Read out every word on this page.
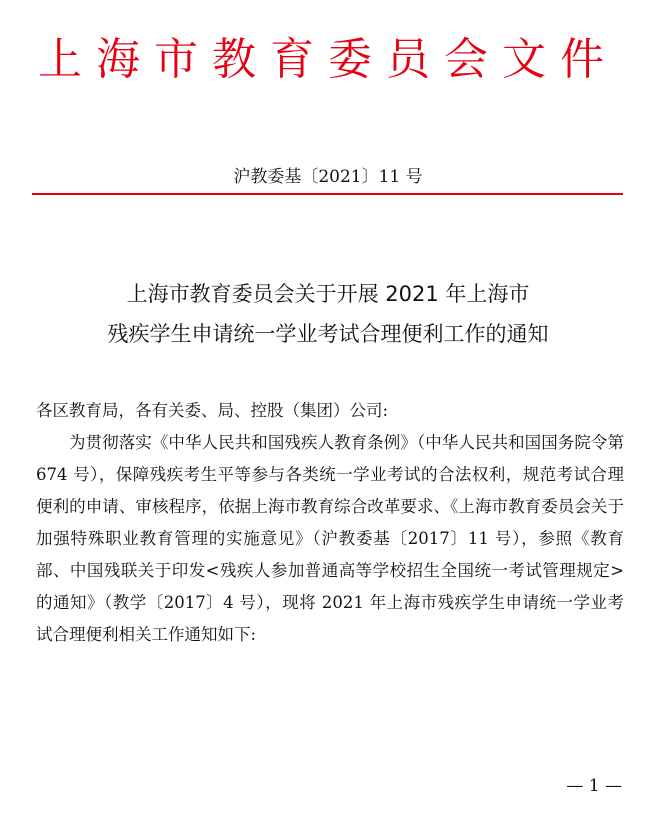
上海市教育委员会文件
沪教委基〔2021〕11 号
上海市教育委员会关于开展 2021 年上海市
残疾学生申请统一学业考试合理便利工作的通知
各区教育局，各有关委、局、控股（集团）公司:
为贯彻落实《中华人民共和国残疾人教育条例》（中华人民共和国国务院令第 674 号），保障残疾考生平等参与各类统一学业考试的合法权利，规范考试合理便利的申请、审核程序，依据上海市教育综合改革要求、《上海市教育委员会关于加强特殊职业教育管理的实施意见》（沪教委基〔2017〕11 号），参照《教育部、中国残联关于印发<残疾人参加普通高等学校招生全国统一考试管理规定>的通知》（教学〔2017〕4 号），现将 2021 年上海市残疾学生申请统一学业考试合理便利相关工作通知如下:
— 1 —
